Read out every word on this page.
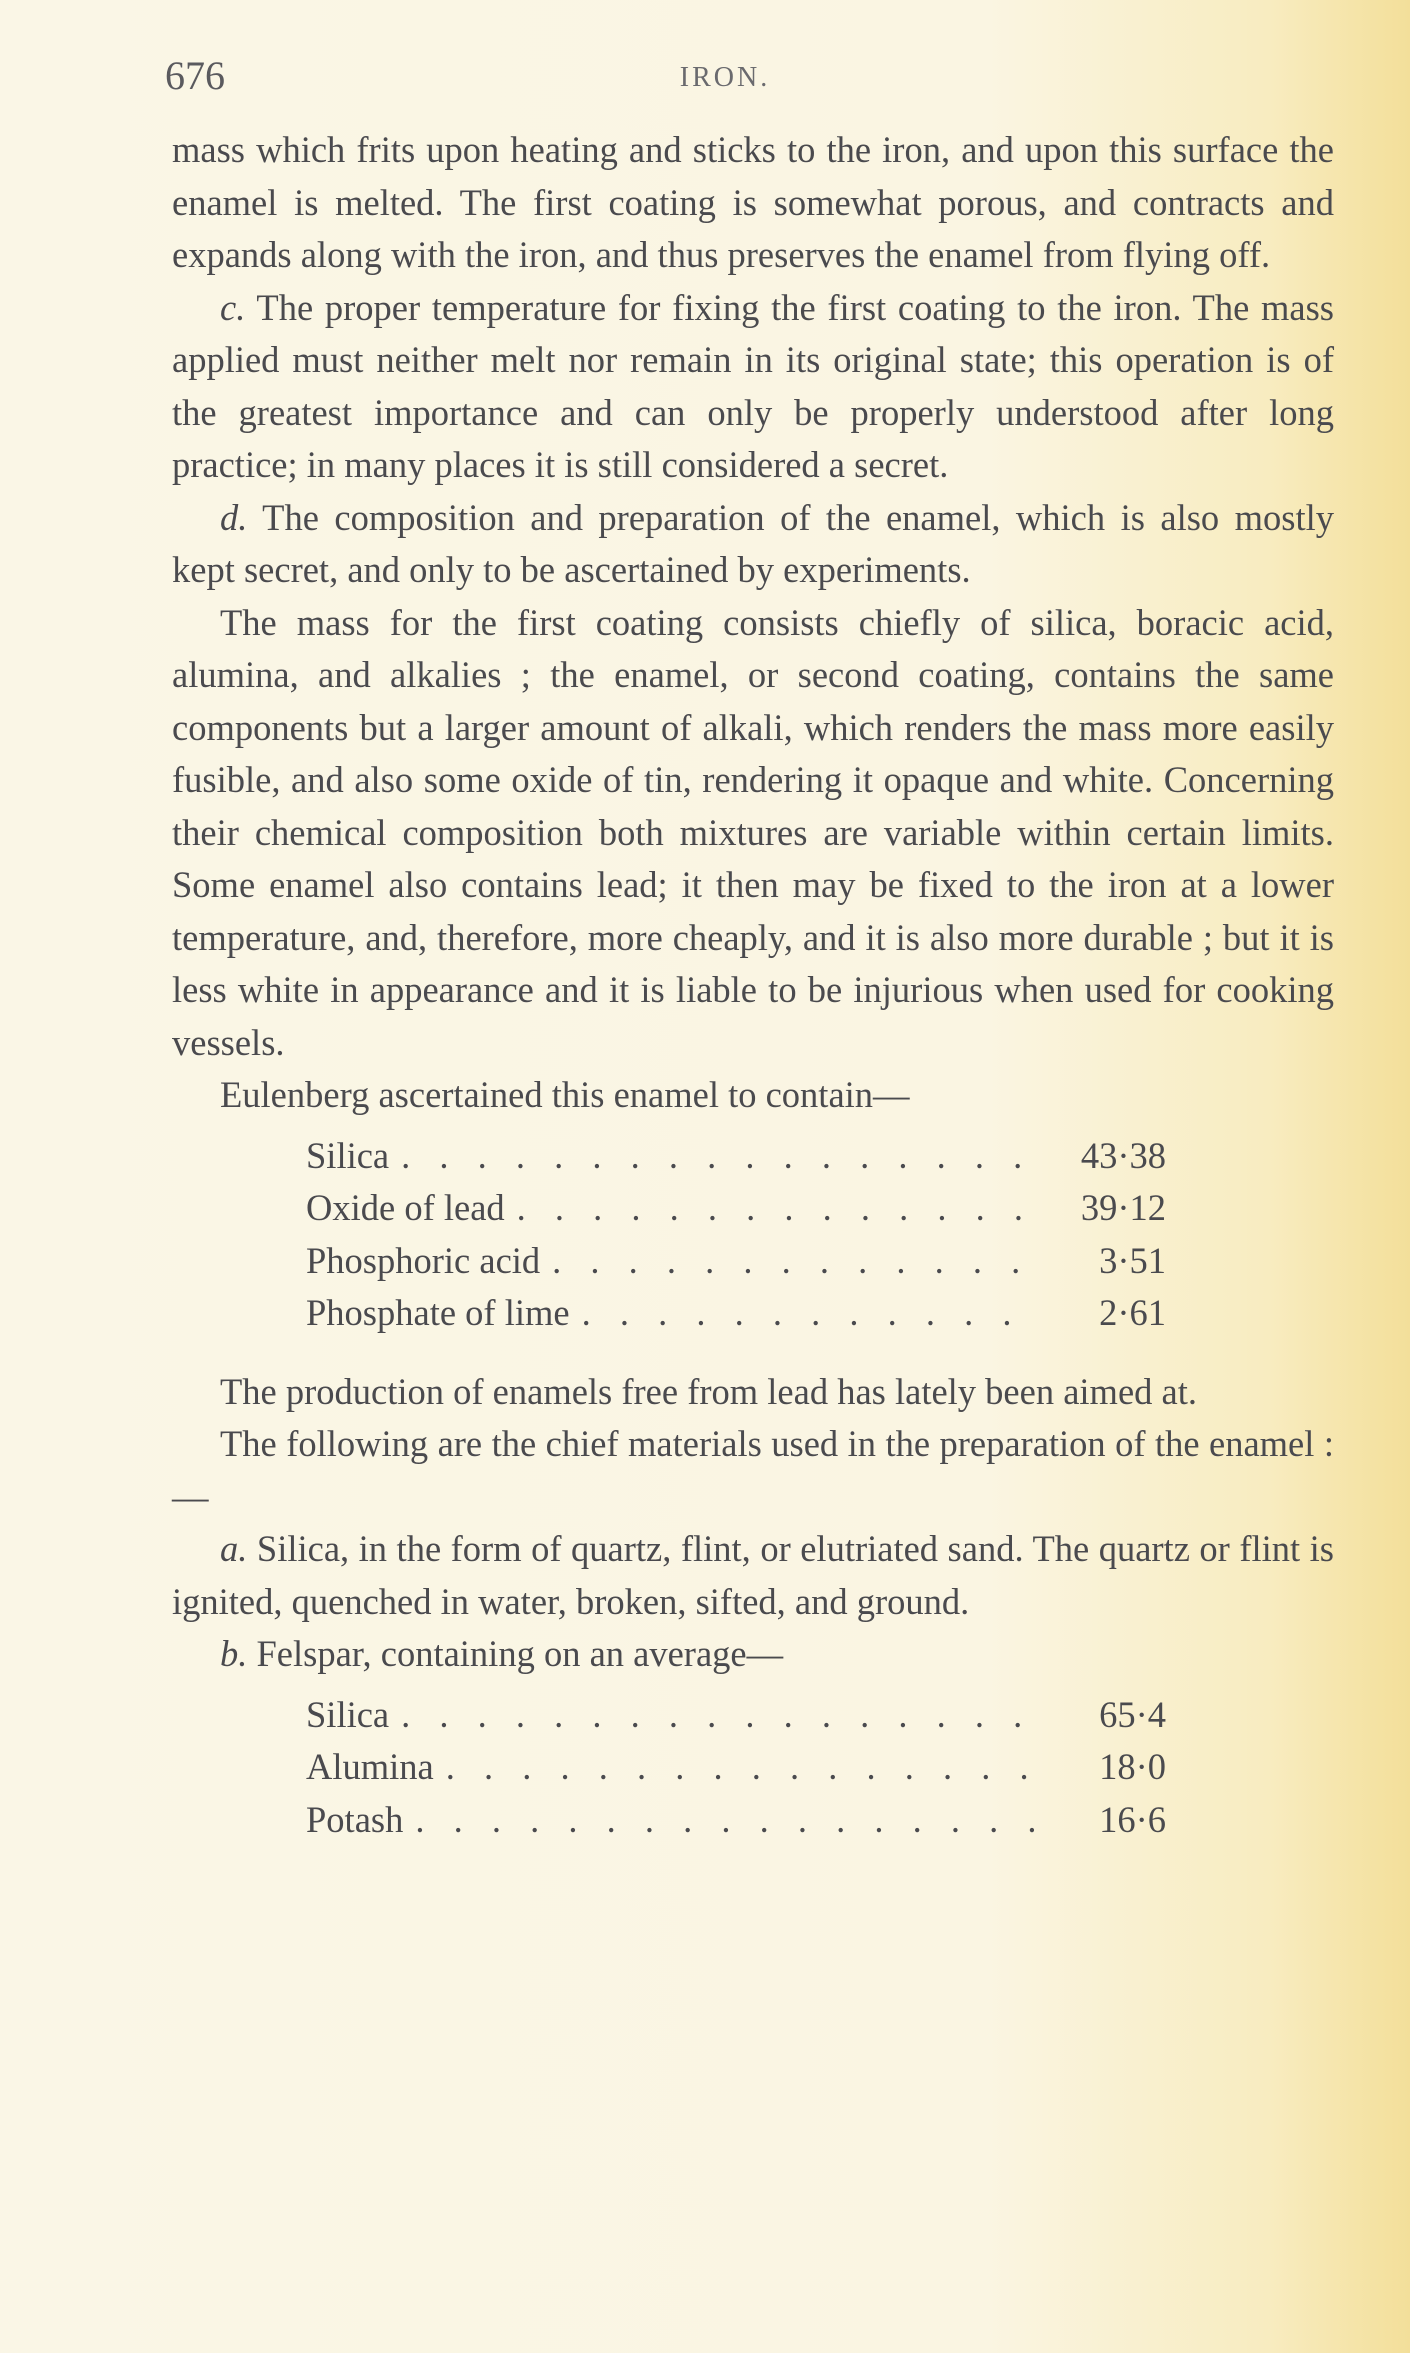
676	IRON.

mass which frits upon heating and sticks to the iron, and upon this surface the enamel is melted. The first coating is somewhat porous, and contracts and expands along with the iron, and thus preserves the enamel from flying off.

c. The proper temperature for fixing the first coating to the iron. The mass applied must neither melt nor remain in its original state; this operation is of the greatest importance and can only be properly understood after long practice; in many places it is still considered a secret.

d. The composition and preparation of the enamel, which is also mostly kept secret, and only to be ascertained by experiments.

The mass for the first coating consists chiefly of silica, boracic acid, alumina, and alkalies ; the enamel, or second coating, contains the same components but a larger amount of alkali, which renders the mass more easily fusible, and also some oxide of tin, rendering it opaque and white. Concerning their chemical composition both mixtures are variable within certain limits. Some enamel also contains lead; it then may be fixed to the iron at a lower temperature, and, therefore, more cheaply, and it is also more durable ; but it is less white in appearance and it is liable to be injurious when used for cooking vessels.

Eulenberg ascertained this enamel to contain—

Silica . . .	43·38
Oxide of lead . . .	39·12
Phosphoric acid . . .	3·51
Phosphate of lime . . .	2·61

The production of enamels free from lead has lately been aimed at.

The following are the chief materials used in the preparation of the enamel :—

a. Silica, in the form of quartz, flint, or elutriated sand. The quartz or flint is ignited, quenched in water, broken, sifted, and ground.

b. Felspar, containing on an average—

Silica . . .	65·4
Alumina . . .	18·0
Potash . . .	16·6
